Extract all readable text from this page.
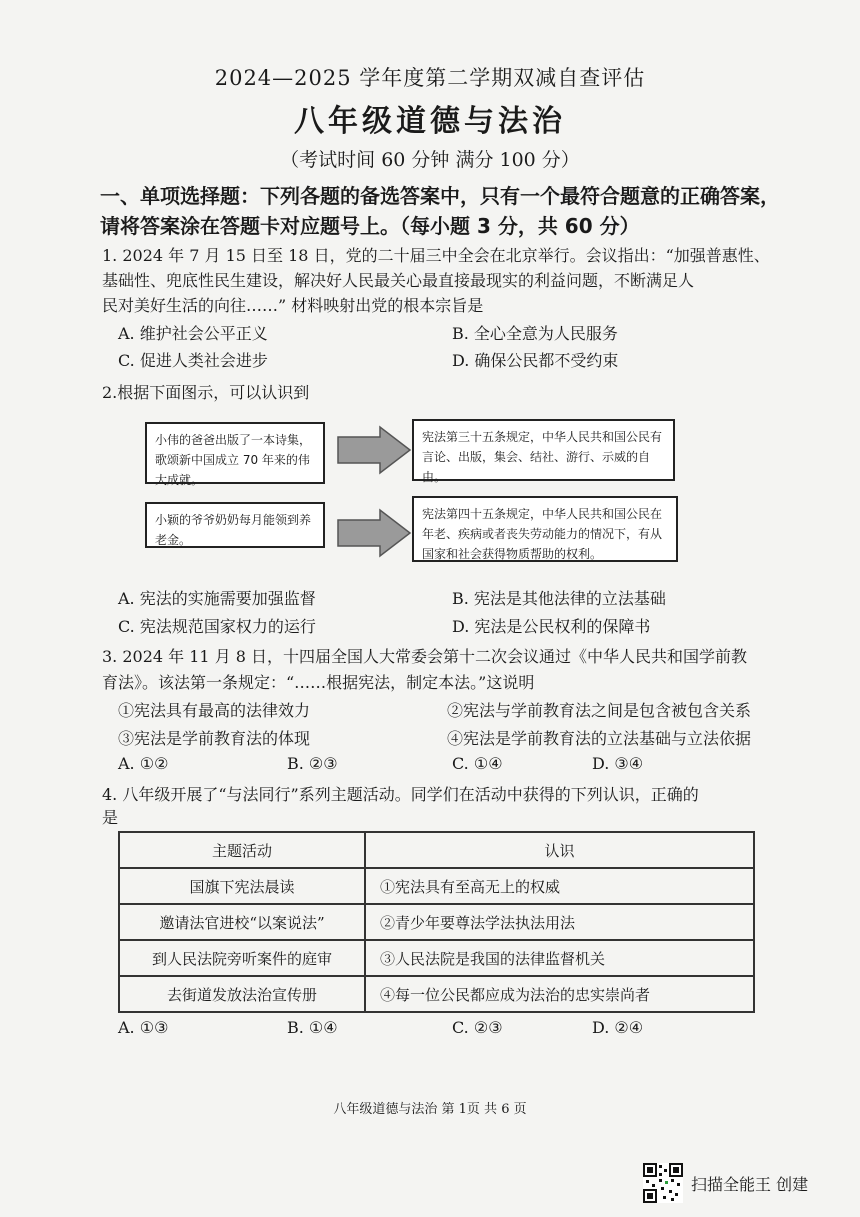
2024—2025 学年度第二学期双减自查评估
八年级道德与法治
（考试时间 60 分钟 满分 100 分）
一、单项选择题：下列各题的备选答案中，只有一个最符合题意的正确答案，
请将答案涂在答题卡对应题号上。（每小题 3 分，共 60 分）
1. 2024 年 7 月 15 日至 18 日，党的二十届三中全会在北京举行。会议指出：“加强普惠性、
基础性、兜底性民生建设，解决好人民最关心最直接最现实的利益问题，不断满足人
民对美好生活的向往……” 材料映射出党的根本宗旨是
A. 维护社会公平正义	B. 全心全意为人民服务
C. 促进人类社会进步	D. 确保公民都不受约束
2.根据下面图示，可以认识到
小伟的爸爸出版了一本诗集，歌颂新中国成立 70 年来的伟大成就。
宪法第三十五条规定，中华人民共和国公民有言论、出版，集会、结社、游行、示威的自由。
小颖的爷爷奶奶每月能领到养老金。
宪法第四十五条规定，中华人民共和国公民在年老、疾病或者丧失劳动能力的情况下，有从国家和社会获得物质帮助的权利。
A. 宪法的实施需要加强监督	B. 宪法是其他法律的立法基础
C. 宪法规范国家权力的运行	D. 宪法是公民权利的保障书
3. 2024 年 11 月 8 日，十四届全国人大常委会第十二次会议通过《中华人民共和国学前教
育法》。该法第一条规定：“……根据宪法，制定本法。”这说明
①宪法具有最高的法律效力	②宪法与学前教育法之间是包含被包含关系
③宪法是学前教育法的体现	④宪法是学前教育法的立法基础与立法依据
A. ①②	B. ②③	C. ①④	D. ③④
4. 八年级开展了“与法同行”系列主题活动。同学们在活动中获得的下列认识，正确的
是
主题活动	认识
国旗下宪法晨读	①宪法具有至高无上的权威
邀请法官进校“以案说法”	②青少年要尊法学法执法用法
到人民法院旁听案件的庭审	③人民法院是我国的法律监督机关
去街道发放法治宣传册	④每一位公民都应成为法治的忠实崇尚者
A. ①③	B. ①④	C. ②③	D. ②④
八年级道德与法治 第 1页 共 6 页
扫描全能王 创建
